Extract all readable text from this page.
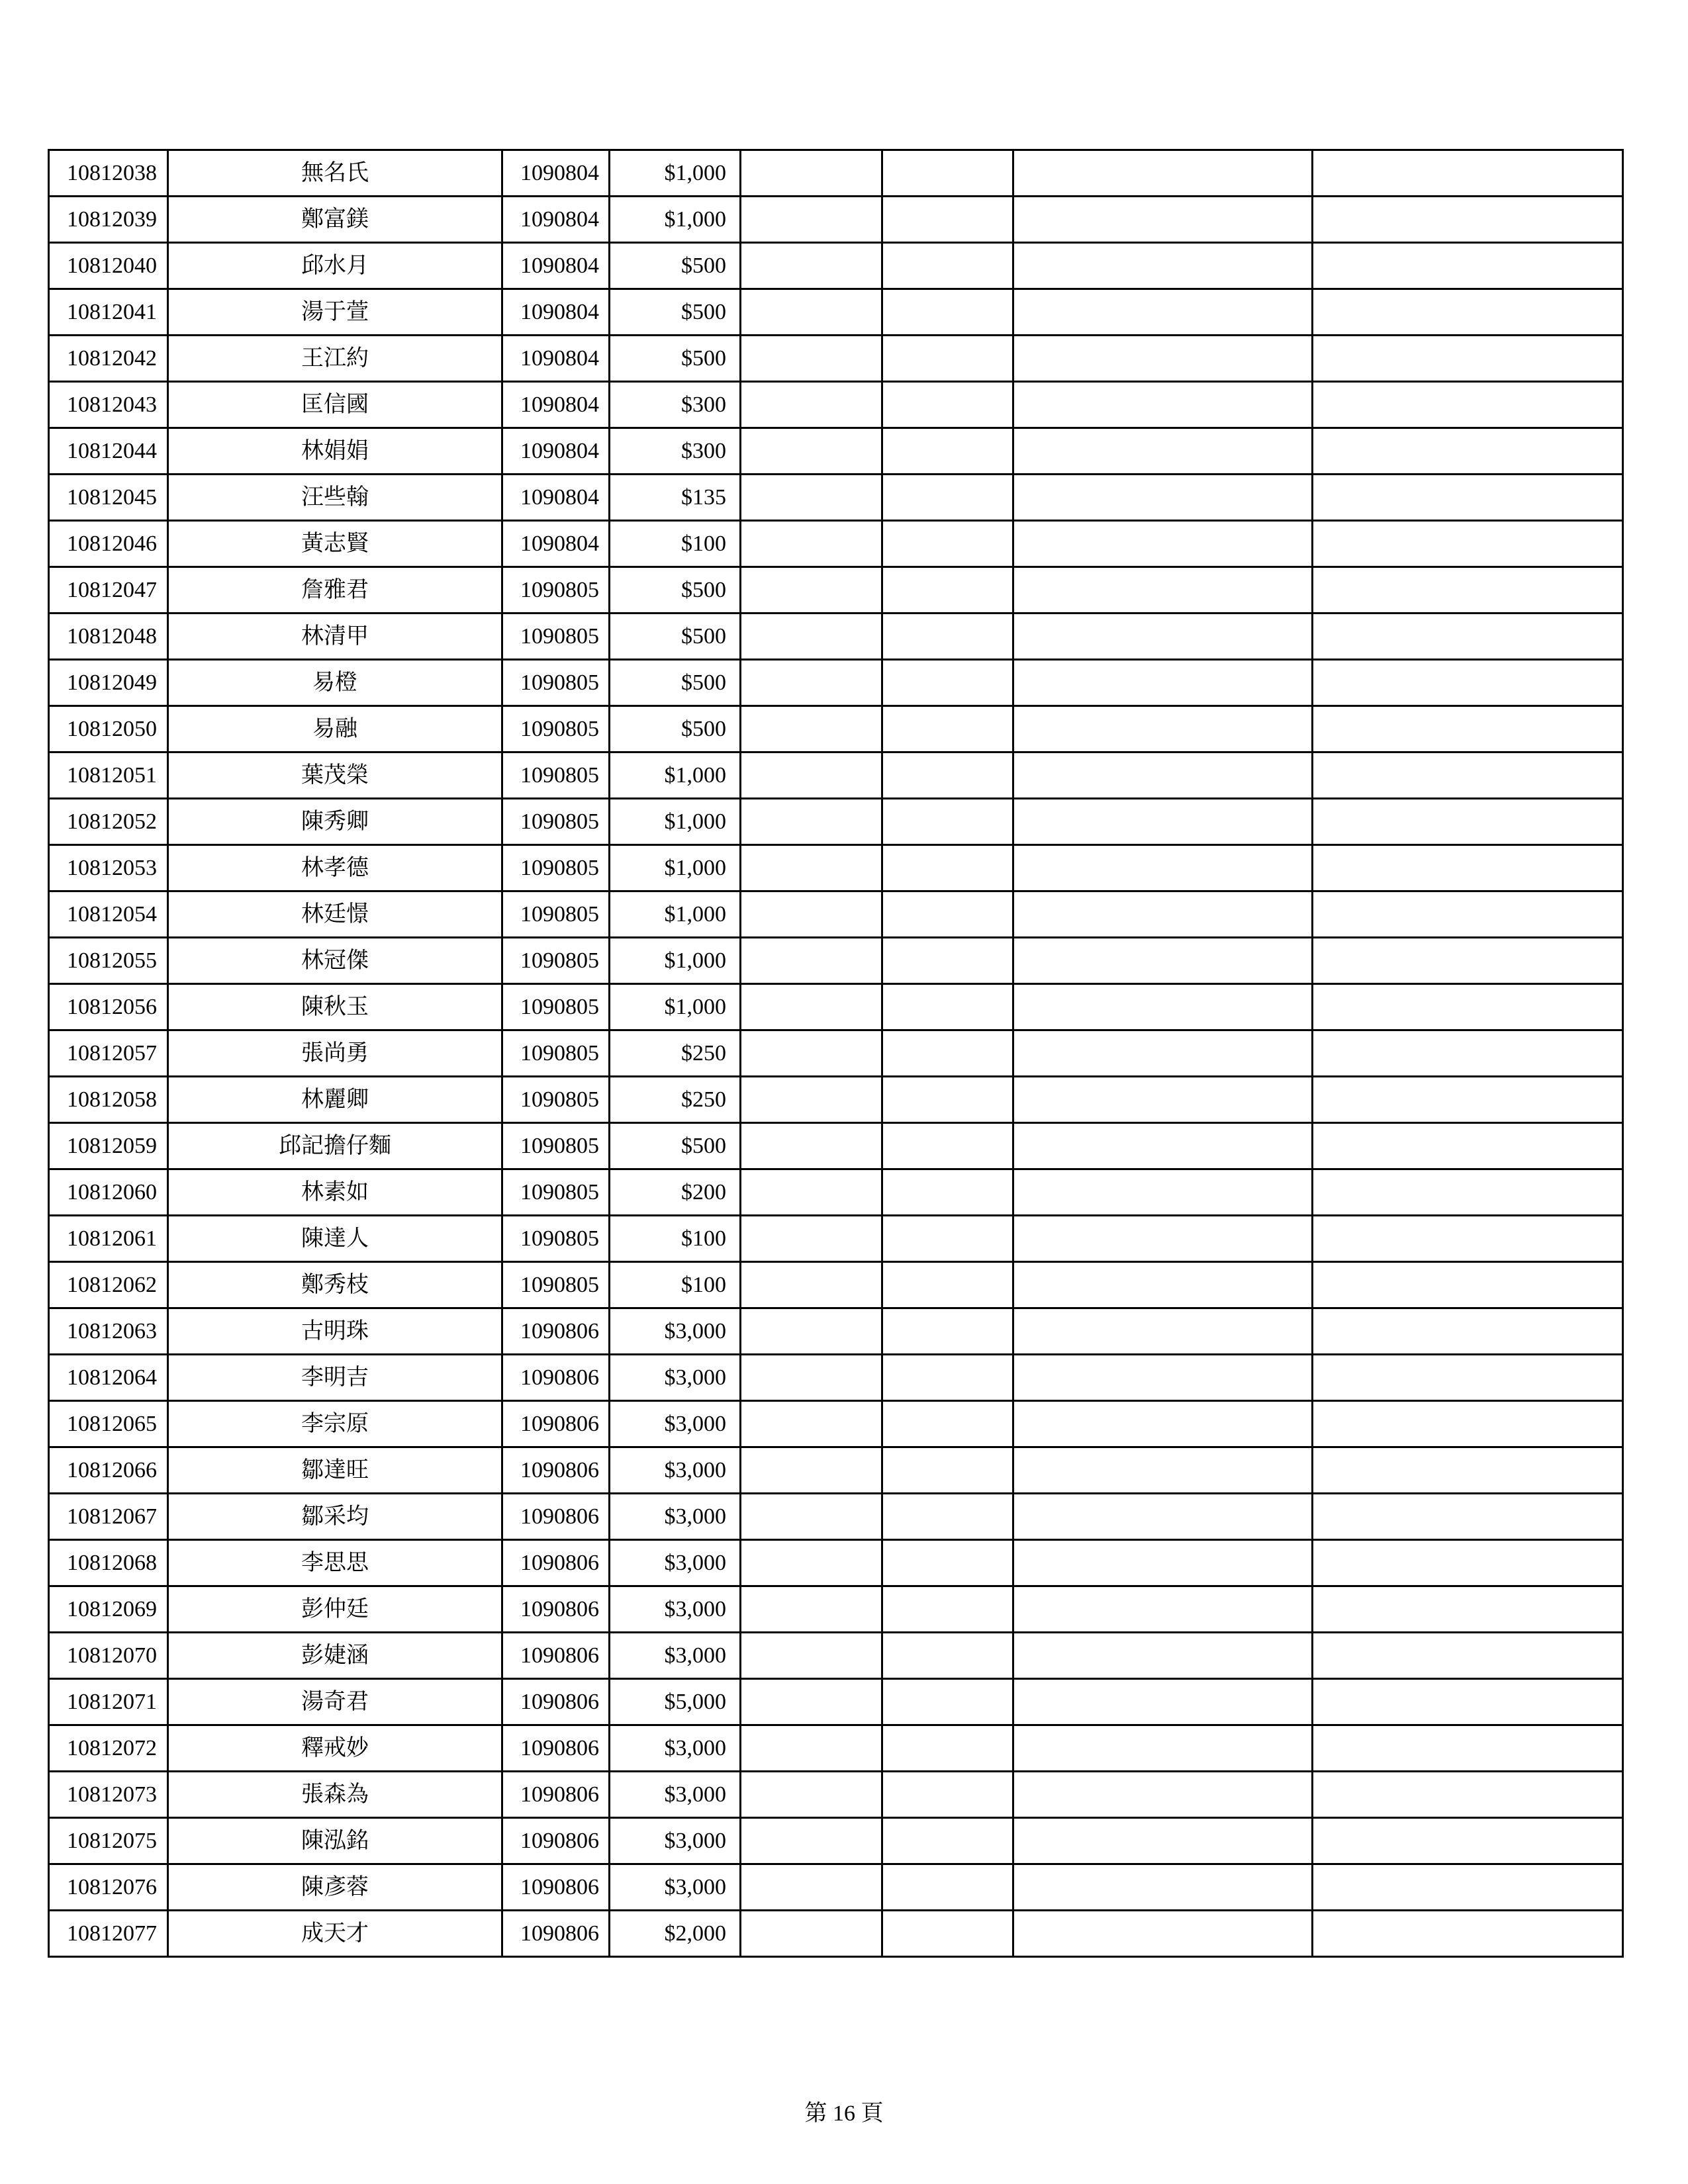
10812038	無名氏	1090804	$1,000				
10812039	鄭富鎂	1090804	$1,000				
10812040	邱水月	1090804	$500				
10812041	湯于萱	1090804	$500				
10812042	王江約	1090804	$500				
10812043	匡信國	1090804	$300				
10812044	林娟娟	1090804	$300				
10812045	汪些翰	1090804	$135				
10812046	黃志賢	1090804	$100				
10812047	詹雅君	1090805	$500				
10812048	林清甲	1090805	$500				
10812049	易橙	1090805	$500				
10812050	易融	1090805	$500				
10812051	葉茂榮	1090805	$1,000				
10812052	陳秀卿	1090805	$1,000				
10812053	林孝德	1090805	$1,000				
10812054	林廷憬	1090805	$1,000				
10812055	林冠傑	1090805	$1,000				
10812056	陳秋玉	1090805	$1,000				
10812057	張尚勇	1090805	$250				
10812058	林麗卿	1090805	$250				
10812059	邱記擔仔麵	1090805	$500				
10812060	林素如	1090805	$200				
10812061	陳達人	1090805	$100				
10812062	鄭秀枝	1090805	$100				
10812063	古明珠	1090806	$3,000				
10812064	李明吉	1090806	$3,000				
10812065	李宗原	1090806	$3,000				
10812066	鄒達旺	1090806	$3,000				
10812067	鄒采均	1090806	$3,000				
10812068	李思思	1090806	$3,000				
10812069	彭仲廷	1090806	$3,000				
10812070	彭婕涵	1090806	$3,000				
10812071	湯奇君	1090806	$5,000				
10812072	釋戒妙	1090806	$3,000				
10812073	張森為	1090806	$3,000				
10812075	陳泓銘	1090806	$3,000				
10812076	陳彥蓉	1090806	$3,000				
10812077	成天才	1090806	$2,000				
第 16 頁
